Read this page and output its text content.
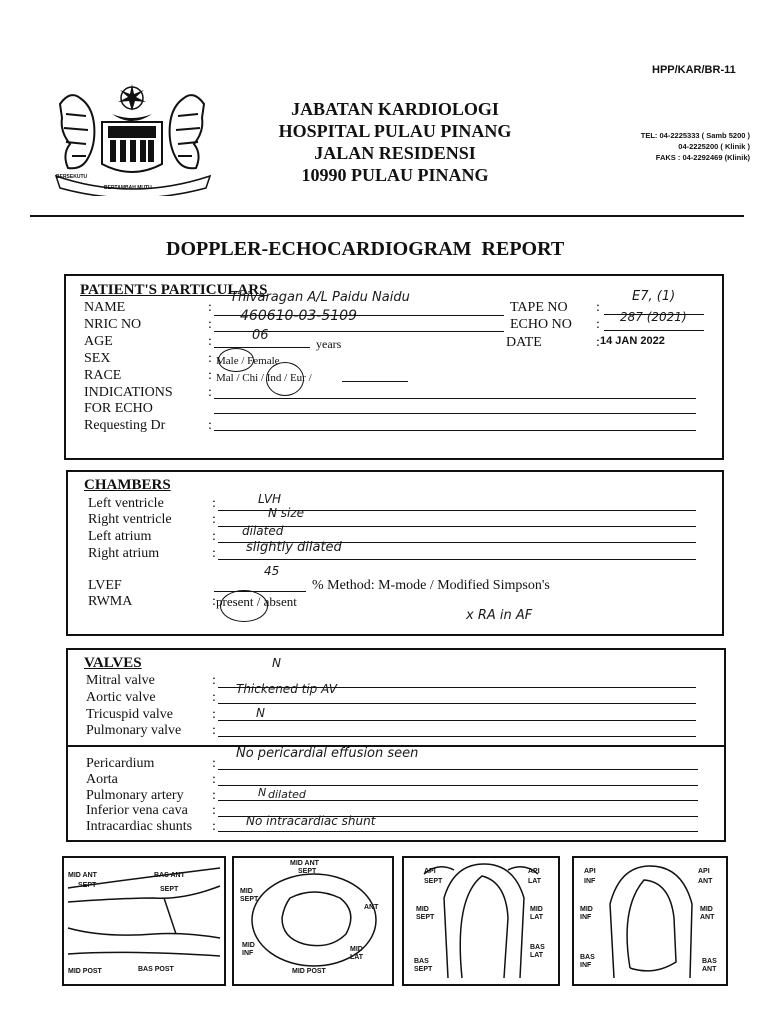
HPP/KAR/BR-11
BERSEKUTU
BERTAMBAH MUTU
JABATAN KARDIOLOGI
HOSPITAL PULAU PINANG
JALAN RESIDENSI
10990 PULAU PINANG
TEL: 04-2225333 ( Samb 5200 )
04-2225200 ( Klinik )
FAKS : 04-2292469 (Klinik)
DOPPLER-ECHOCARDIOGRAM  REPORT
PATIENT'S PARTICULARS
NAME
NRIC NO
AGE
SEX
RACE
INDICATIONS
FOR ECHO
Requesting Dr
:
:
:
:
:
:
:
Thivaragan A/L Paidu Naidu
460610-03-5109
06
years
Male / Female
Mal / Chi / Ind / Eur /
TAPE NO
ECHO NO
DATE
:
:
:
E7, (1)
287 (2021)
14 JAN 2022
CHAMBERS
Left ventricle
Right ventricle
Left atrium
Right atrium
LVEF
RWMA
:
:
:
:
:
LVH
N size
dilated
slightly dilated
45
% Method: M-mode / Modified Simpson's
present / absent
x RA in AF
VALVES
Mitral valve
Aortic valve
Tricuspid valve
Pulmonary valve
:
:
:
:
N
Thickened tip AV
N
Pericardium
Aorta
Pulmonary artery
Inferior vena cava
Intracardiac shunts
:
:
:
:
:
No pericardial effusion seen
N dilated
No intracardiac shunt
MID ANT
SEPT
BAS ANT
SEPT
MID POST	BAS POST
MID ANT
SEPT
MID
SEPT
ANT
MID
INF
MID
LAT
MID POST
API
SEPT
API
LAT
MID
SEPT
MID
LAT
BAS
SEPT
BAS
LAT
API
INF
API
ANT
MID
INF
MID
ANT
BAS
INF
BAS
ANT
